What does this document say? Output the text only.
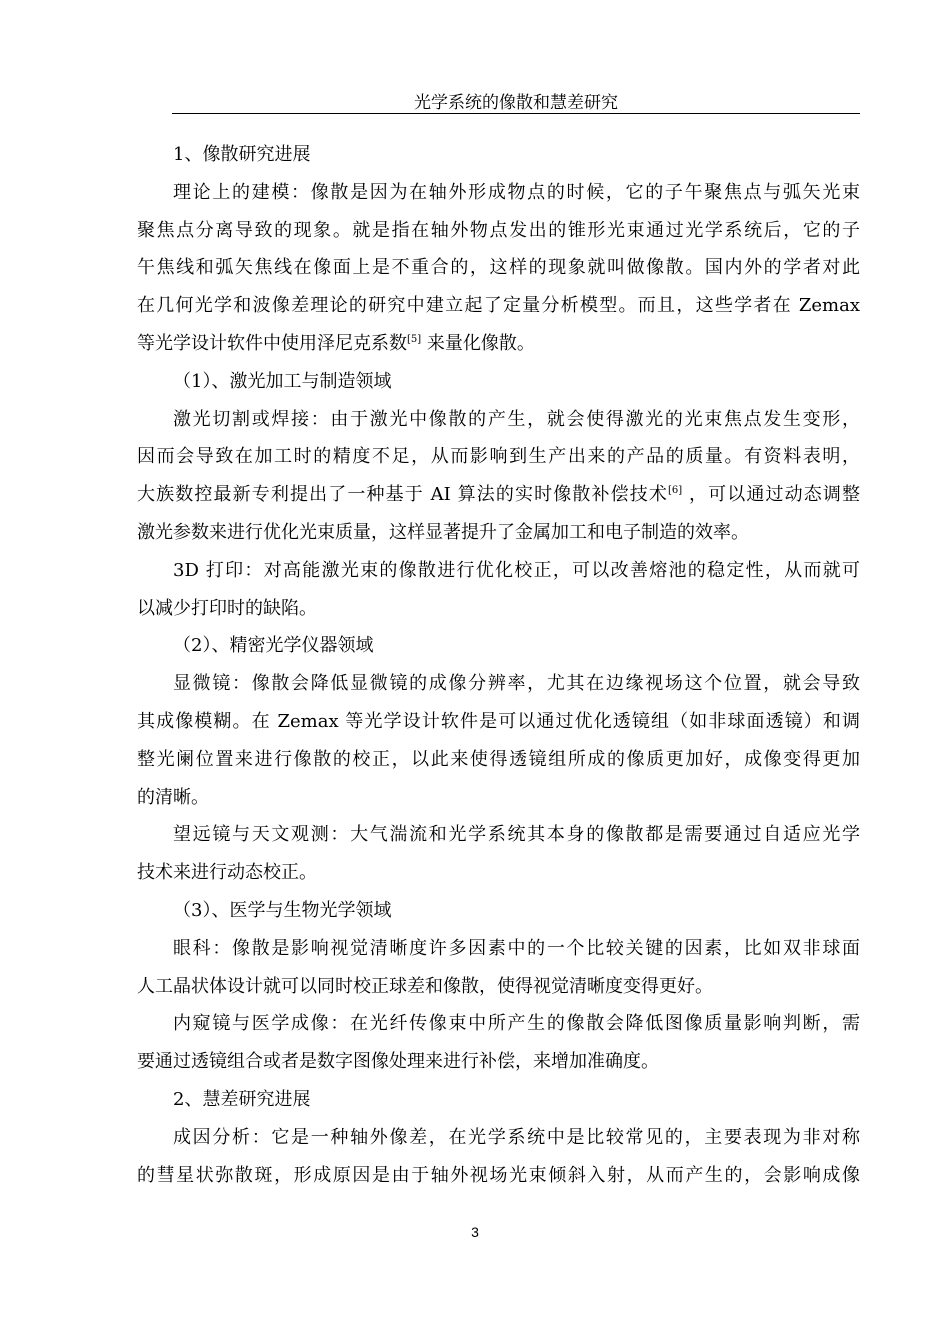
光学系统的像散和慧差研究
1、像散研究进展
理论上的建模：像散是因为在轴外形成物点的时候，它的子午聚焦点与弧矢光束
聚焦点分离导致的现象。就是指在轴外物点发出的锥形光束通过光学系统后，它的子
午焦线和弧矢焦线在像面上是不重合的，这样的现象就叫做像散。国内外的学者对此
在几何光学和波像差理论的研究中建立起了定量分析模型。而且，这些学者在 Zemax
等光学设计软件中使用泽尼克系数[5] 来量化像散。
（1）、激光加工与制造领域
激光切割或焊接：由于激光中像散的产生，就会使得激光的光束焦点发生变形，
因而会导致在加工时的精度不足，从而影响到生产出来的产品的质量。有资料表明，
大族数控最新专利提出了一种基于 AI 算法的实时像散补偿技术[6] ，可以通过动态调整
激光参数来进行优化光束质量，这样显著提升了金属加工和电子制造的效率。
3D 打印：对高能激光束的像散进行优化校正，可以改善熔池的稳定性，从而就可
以减少打印时的缺陷。
（2）、精密光学仪器领域
显微镜：像散会降低显微镜的成像分辨率，尤其在边缘视场这个位置，就会导致
其成像模糊。在 Zemax 等光学设计软件是可以通过优化透镜组（如非球面透镜）和调
整光阑位置来进行像散的校正，以此来使得透镜组所成的像质更加好，成像变得更加
的清晰。
望远镜与天文观测：大气湍流和光学系统其本身的像散都是需要通过自适应光学
技术来进行动态校正。
（3）、医学与生物光学领域
眼科：像散是影响视觉清晰度许多因素中的一个比较关键的因素，比如双非球面
人工晶状体设计就可以同时校正球差和像散，使得视觉清晰度变得更好。
内窥镜与医学成像：在光纤传像束中所产生的像散会降低图像质量影响判断，需
要通过透镜组合或者是数字图像处理来进行补偿，来增加准确度。
2、慧差研究进展
成因分析：它是一种轴外像差，在光学系统中是比较常见的，主要表现为非对称
的彗星状弥散斑，形成原因是由于轴外视场光束倾斜入射，从而产生的，会影响成像
3
